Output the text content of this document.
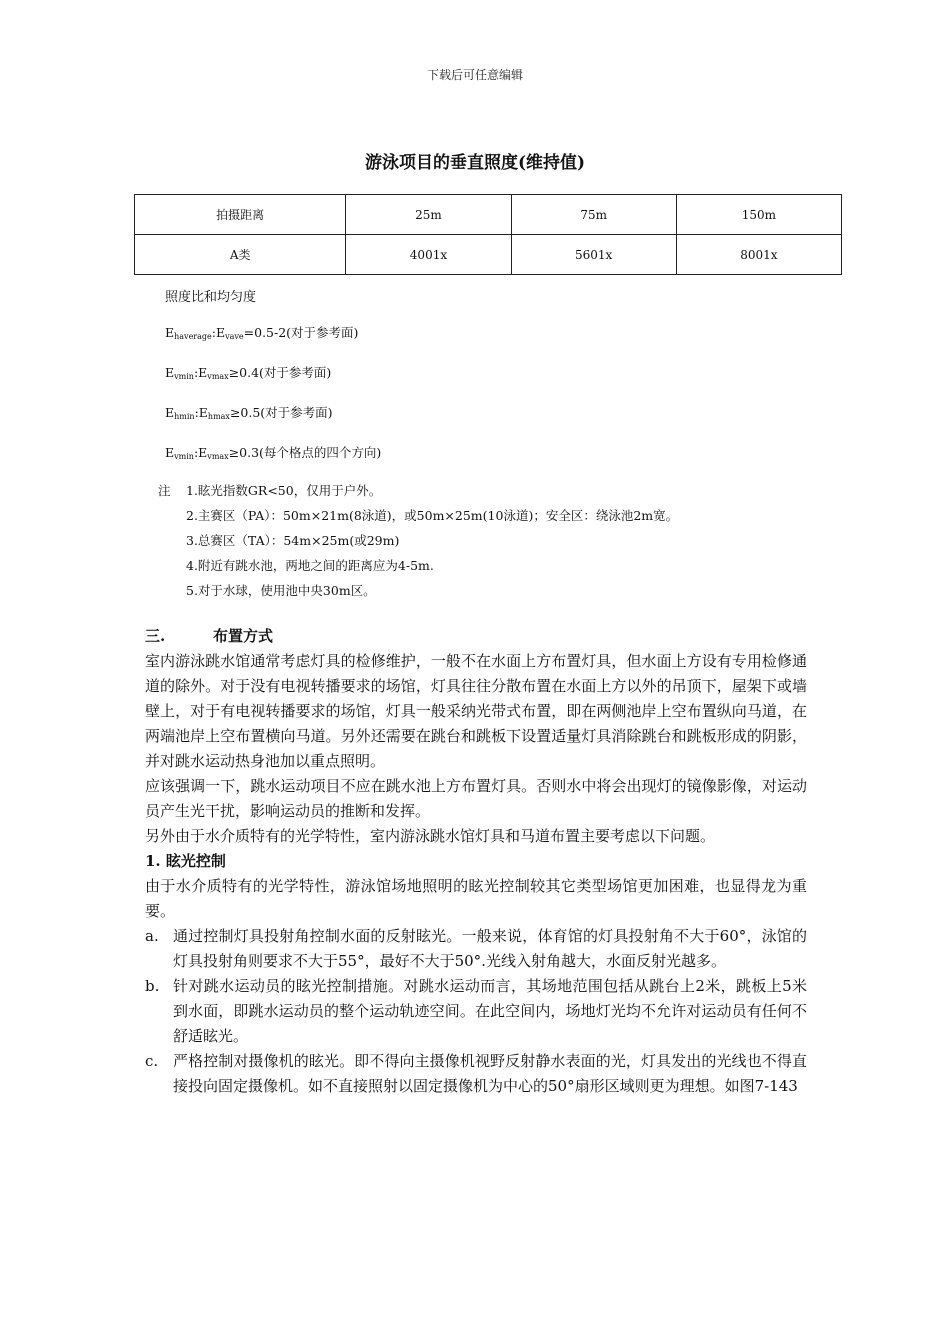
下载后可任意编辑
游泳项目的垂直照度(维持值)
拍摄距离	25m	75m	150m
A类	4001x	5601x	8001x
照度比和均匀度
$E_{haverage}:E_{vave}=0.5-2$(对于参考面)
$E_{vmin}:E_{vmax}\ge 0.4$(对于参考面)
$E_{hmin}:E_{hmax}\ge 0.5$(对于参考面)
$E_{vmin}:E_{vmax}\ge 0.3$(每个格点的四个方向)
注	1.眩光指数GR<50，仅用于户外。
2.主赛区（PA）：50m×21m(8泳道)，或50m×25m(10泳道)；安全区：绕泳池2m宽。
3.总赛区（TA）：54m×25m(或29m)
4.附近有跳水池，两地之间的距离应为4-5m.
5.对于水球，使用池中央30m区。
三.	布置方式
室内游泳跳水馆通常考虑灯具的检修维护，一般不在水面上方布置灯具，但水面上方设有专用检修通道的除外。对于没有电视转播要求的场馆，灯具往往分散布置在水面上方以外的吊顶下，屋架下或墙壁上，对于有电视转播要求的场馆，灯具一般采纳光带式布置，即在两侧池岸上空布置纵向马道，在两端池岸上空布置横向马道。另外还需要在跳台和跳板下设置适量灯具消除跳台和跳板形成的阴影，并对跳水运动热身池加以重点照明。
应该强调一下，跳水运动项目不应在跳水池上方布置灯具。否则水中将会出现灯的镜像影像，对运动员产生光干扰，影响运动员的推断和发挥。
另外由于水介质特有的光学特性，室内游泳跳水馆灯具和马道布置主要考虑以下问题。
1. 眩光控制
由于水介质特有的光学特性，游泳馆场地照明的眩光控制较其它类型场馆更加困难，也显得龙为重要。
a. 通过控制灯具投射角控制水面的反射眩光。一般来说，体育馆的灯具投射角不大于60°，泳馆的灯具投射角则要求不大于55°，最好不大于50°.光线入射角越大，水面反射光越多。
b. 针对跳水运动员的眩光控制措施。对跳水运动而言，其场地范围包括从跳台上2米，跳板上5米到水面，即跳水运动员的整个运动轨迹空间。在此空间内，场地灯光均不允许对运动员有任何不舒适眩光。
c. 严格控制对摄像机的眩光。即不得向主摄像机视野反射静水表面的光，灯具发出的光线也不得直接投向固定摄像机。如不直接照射以固定摄像机为中心的50°扇形区域则更为理想。如图7-143
